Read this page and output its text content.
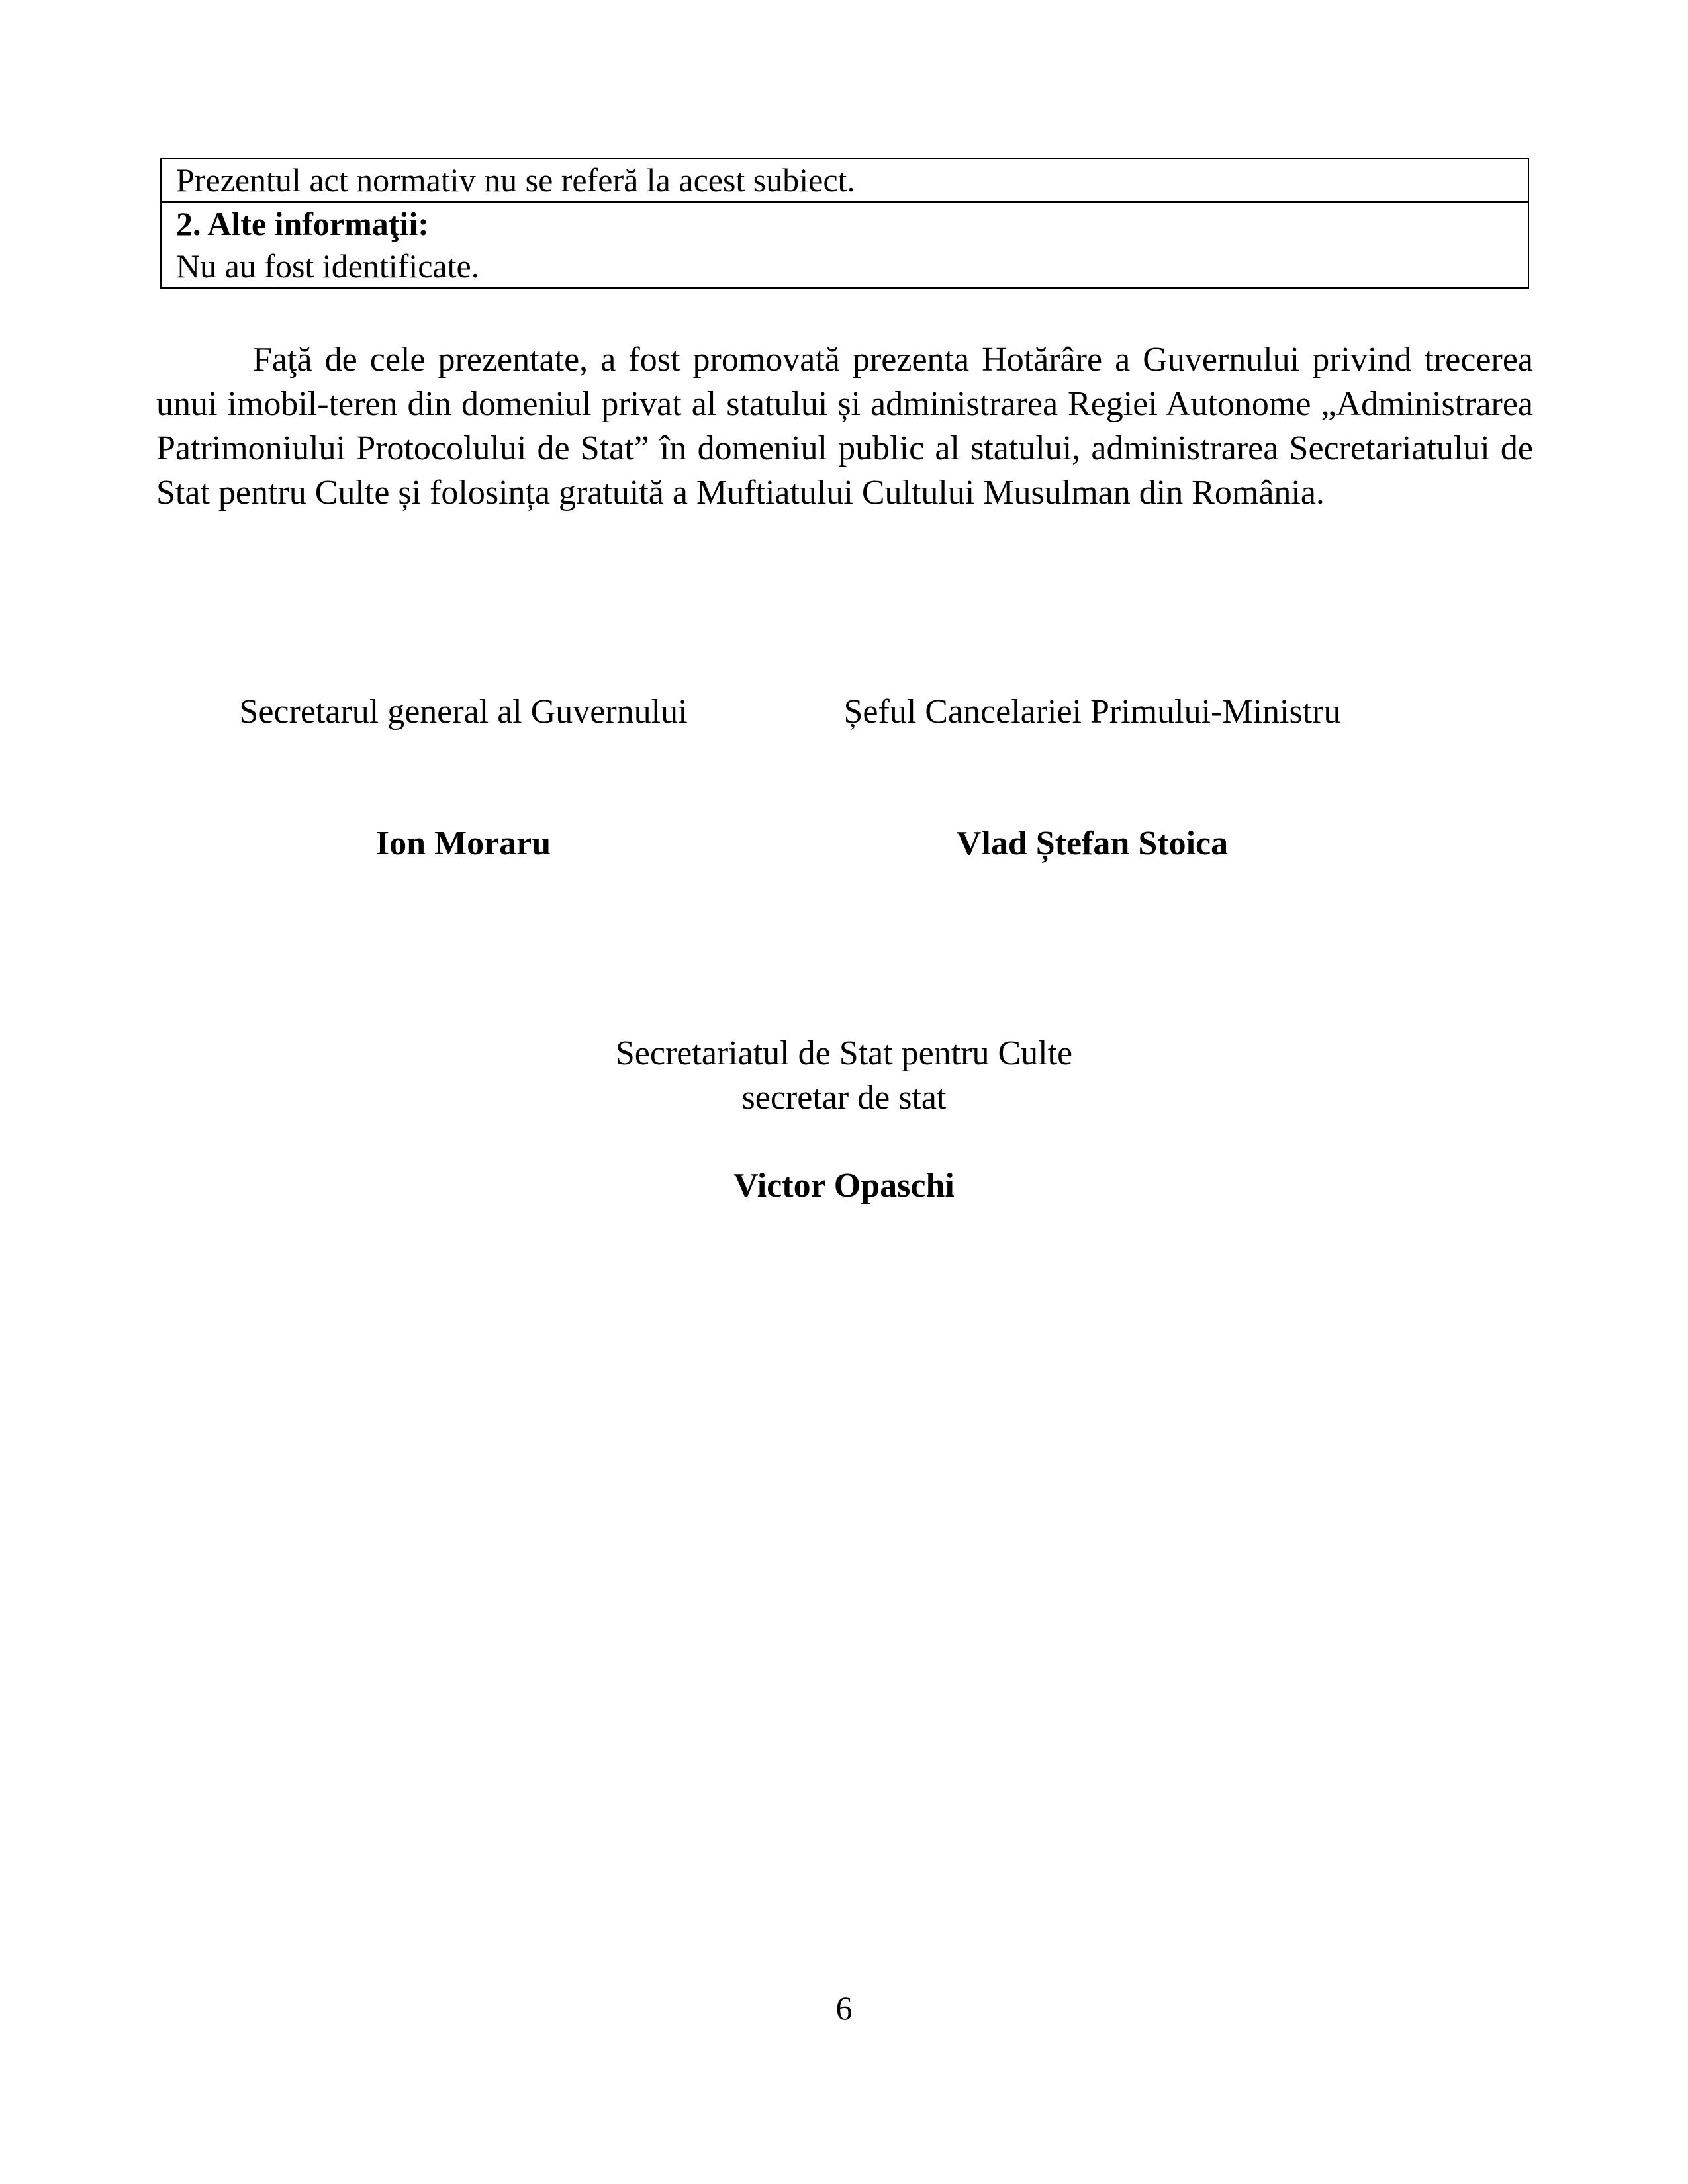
Prezentul act normativ nu se referă la acest subiect.
2. Alte informaţii:
Nu au fost identificate.

Faţă de cele prezentate, a fost promovată prezenta Hotărâre a Guvernului privind trecerea unui imobil-teren din domeniul privat al statului și administrarea Regiei Autonome „Administrarea Patrimoniului Protocolului de Stat” în domeniul public al statului, administrarea Secretariatului de Stat pentru Culte și folosința gratuită a Muftiatului Cultului Musulman din România.

Secretarul general al Guvernului

Ion Moraru

Șeful Cancelariei Primului-Ministru

Vlad Ștefan Stoica

Secretariatul de Stat pentru Culte
secretar de stat
Victor Opaschi
6
